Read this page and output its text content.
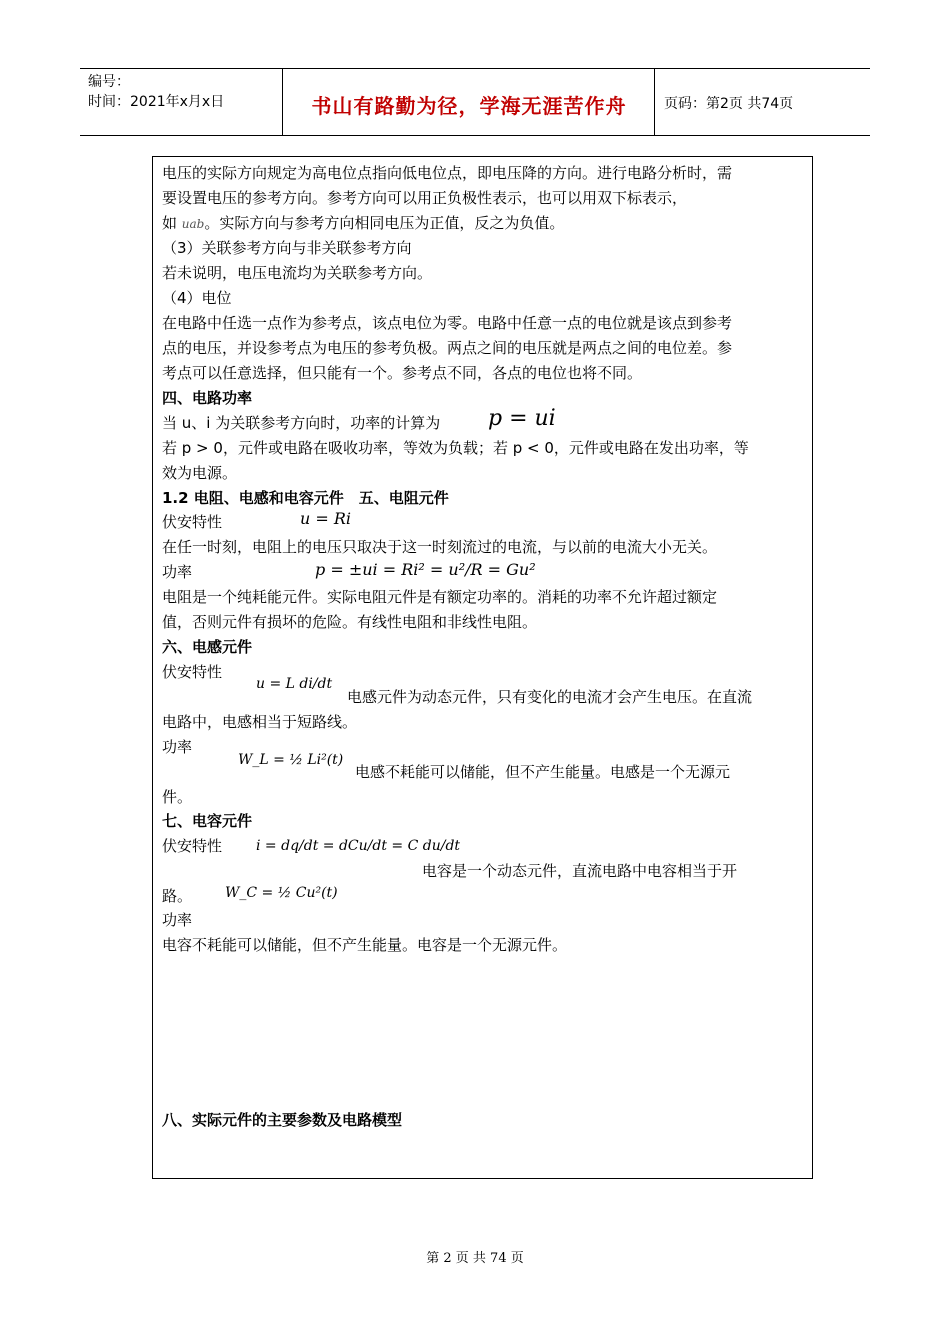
编号：
时间：2021年x月x日	书山有路勤为径，学海无涯苦作舟	页码：第2页 共74页
电压的实际方向规定为高电位点指向低电位点，即电压降的方向。进行电路分析时，需
要设置电压的参考方向。参考方向可以用正负极性表示，也可以用双下标表示，
如 uab。实际方向与参考方向相同电压为正值，反之为负值。
（3）关联参考方向与非关联参考方向
若未说明，电压电流均为关联参考方向。
（4）电位
在电路中任选一点作为参考点，该点电位为零。电路中任意一点的电位就是该点到参考
点的电压，并设参考点为电压的参考负极。两点之间的电压就是两点之间的电位差。参
考点可以任意选择，但只能有一个。参考点不同，各点的电位也将不同。
四、电路功率
当 u、i 为关联参考方向时，功率的计算为 p = ui
若 p > 0，元件或电路在吸收功率，等效为负载；若 p < 0，元件或电路在发出功率，等
效为电源。
1.2 电阻、电感和电容元件　五、电阻元件
伏安特性	u = Ri
在任一时刻，电阻上的电压只取决于这一时刻流过的电流，与以前的电流大小无关。
功率	p = ±ui = Ri² = u²/R = Gu²
电阻是一个纯耗能元件。实际电阻元件是有额定功率的。消耗的功率不允许超过额定
值，否则元件有损坏的危险。有线性电阻和非线性电阻。
六、电感元件
伏安特性
u = L di/dt
电感元件为动态元件，只有变化的电流才会产生电压。在直流
电路中，电感相当于短路线。
功率
W_L = ½ Li²(t)
电感不耗能可以储能，但不产生能量。电感是一个无源元
件。
七、电容元件
伏安特性 i = dq/dt = dCu/dt = C du/dt
电容是一个动态元件，直流电路中电容相当于开
路。 W_C = ½ Cu²(t)
功率
电容不耗能可以储能，但不产生能量。电容是一个无源元件。
八、实际元件的主要参数及电路模型
第 2 页 共 74 页
